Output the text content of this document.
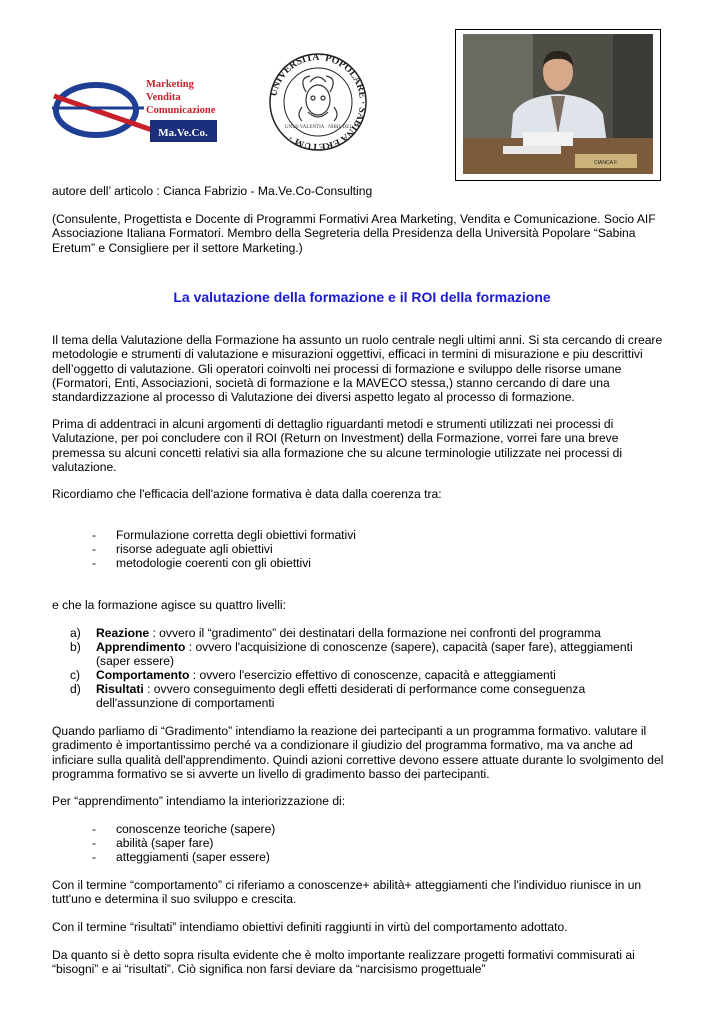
Marketing Vendita Comunicazione
Ma.Ve.Co.
UNIVERSITA' POPOLARE · SABINA ERETUM ·
UNUS VALENTIA · NIBIL DEI
CIANCA F.
autore dell’ articolo : Cianca Fabrizio - Ma.Ve.Co-Consulting

(Consulente, Progettista e Docente di Programmi Formativi Area Marketing, Vendita e Comunicazione. Socio AIF Associazione Italiana Formatori. Membro della Segreteria della Presidenza della Università Popolare “Sabina Eretum” e Consigliere per il settore Marketing.)

La valutazione della formazione e il ROI della formazione

Il tema della Valutazione della Formazione ha assunto un ruolo centrale negli ultimi anni. Si sta cercando di creare metodologie e strumenti di valutazione e misurazioni oggettivi, efficaci in termini di misurazione e piu descrittivi dell’oggetto di valutazione. Gli operatori coinvolti nei processi di formazione e sviluppo delle risorse umane (Formatori, Enti, Associazioni, società di formazione e la MAVECO stessa,) stanno cercando di dare una standardizzazione al processo di Valutazione dei diversi aspetto legato al processo di formazione.

Prima di addentraci in alcuni argomenti di dettaglio riguardanti metodi e strumenti utilizzati nei processi di Valutazione, per poi concludere con il ROI (Return on Investment) della Formazione, vorrei fare una breve premessa su alcuni concetti relativi sia alla formazione che su alcune terminologie utilizzate nei processi di valutazione.

Ricordiamo che l'efficacia dell'azione formativa è data dalla coerenza tra:

- Formulazione corretta degli obiettivi formativi
- risorse adeguate agli obiettivi
- metodologie coerenti con gli obiettivi

e che la formazione agisce su quattro livelli:

a)	Reazione : ovvero il “gradimento” dei destinatari della formazione nei confronti del programma
b)	Apprendimento : ovvero l'acquisizione di conoscenze (sapere), capacità (saper fare), atteggiamenti (saper essere)
c)	Comportamento : ovvero l'esercizio effettivo di conoscenze, capacità e atteggiamenti
d)	Risultati : ovvero conseguimento degli effetti desiderati di performance come conseguenza dell'assunzione di comportamenti

Quando parliamo di “Gradimento” intendiamo la reazione dei partecipanti a un programma formativo. valutare il gradimento è importantissimo perché va a condizionare il giudizio del programma formativo, ma va anche ad inficiare sulla qualità dell'apprendimento. Quindi azioni correttive devono essere attuate durante lo svolgimento del programma formativo se si avverte un livello di gradimento basso dei partecipanti.

Per “apprendimento” intendiamo la interiorizzazione di:

- conoscenze teoriche (sapere)
- abilità (saper fare)
- atteggiamenti (saper essere)

Con il termine “comportamento” ci riferiamo a conoscenze+ abilità+ atteggiamenti che l'individuo riunisce in un tutt'uno e determina il suo sviluppo e crescita.

Con il termine “risultati” intendiamo obiettivi definiti raggiunti in virtù del comportamento adottato.

Da quanto si è detto sopra risulta evidente che è molto importante realizzare progetti formativi commisurati ai “bisogni” e ai “risultati”. Ciò significa non farsi deviare da “narcisismo progettuale”
